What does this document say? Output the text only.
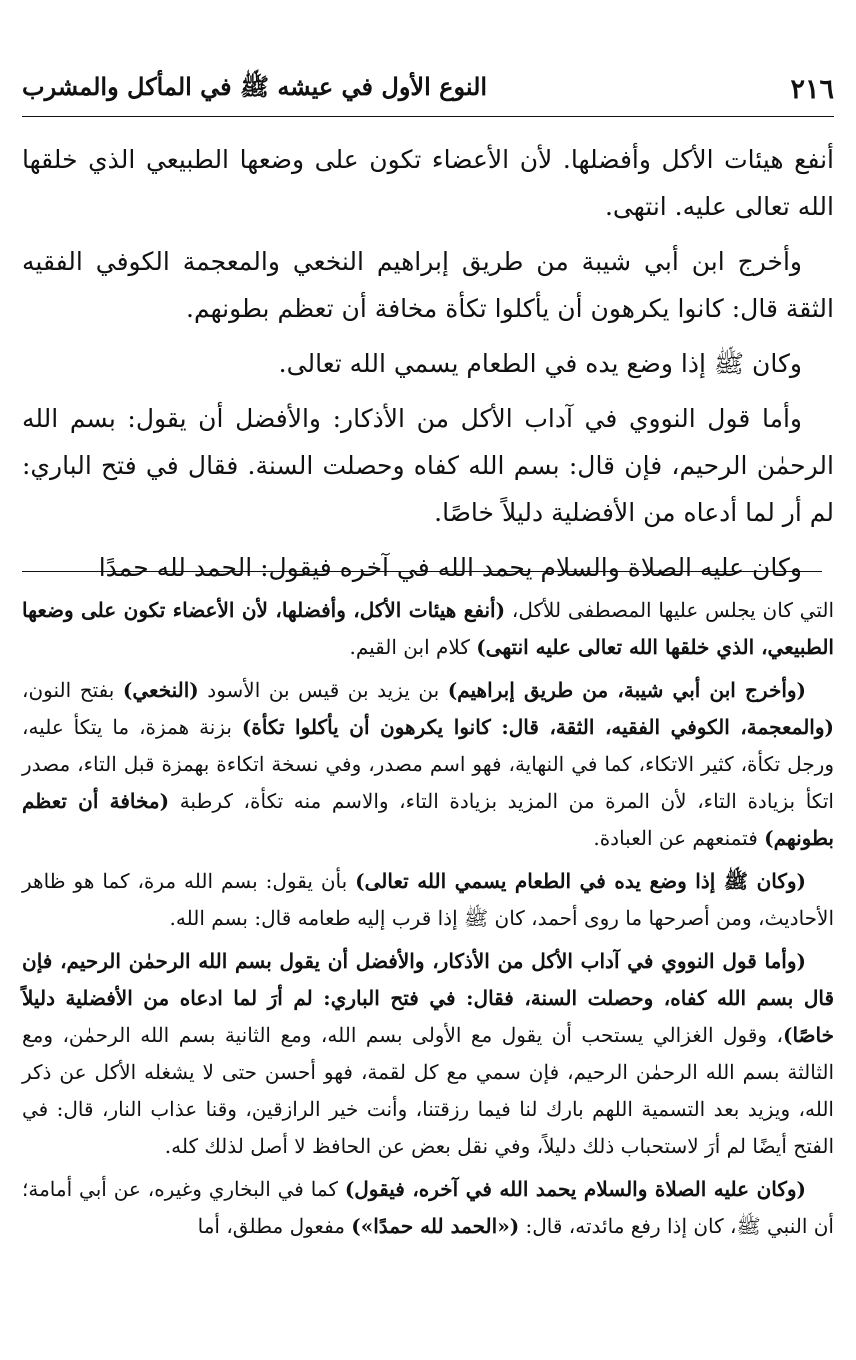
٢١٦
النوع الأول في عيشه ﷺ في المأكل والمشرب

أنفع هيئات الأكل وأفضلها. لأن الأعضاء تكون على وضعها الطبيعي الذي خلقها الله تعالى عليه. انتهى.

وأخرج ابن أبي شيبة من طريق إبراهيم النخعي والمعجمة الكوفي الفقيه الثقة قال: كانوا يكرهون أن يأكلوا تكأة مخافة أن تعظم بطونهم.

وكان ﷺ إذا وضع يده في الطعام يسمي الله تعالى.

وأما قول النووي في آداب الأكل من الأذكار: والأفضل أن يقول: بسم الله الرحمٰن الرحيم، فإن قال: بسم الله كفاه وحصلت السنة. فقال في فتح الباري: لم أر لما أدعاه من الأفضلية دليلاً خاصًا.

وكان عليه الصلاة والسلام يحمد الله في آخره فيقول: الحمد لله حمدًا

التي كان يجلس عليها المصطفى للأكل، (أنفع هيئات الأكل، وأفضلها، لأن الأعضاء تكون على وضعها الطبيعي، الذي خلقها الله تعالى عليه انتهى) كلام ابن القيم.

(وأخرج ابن أبي شيبة، من طريق إبراهيم) بن يزيد بن قيس بن الأسود (النخعي) بفتح النون، (والمعجمة، الكوفي الفقيه، الثقة، قال: كانوا يكرهون أن يأكلوا تكأة) بزنة همزة، ما يتكأ عليه، ورجل تكأة، كثير الاتكاء، كما في النهاية، فهو اسم مصدر، وفي نسخة اتكاءة بهمزة قبل التاء، مصدر اتكأ بزيادة التاء، لأن المرة من المزيد بزيادة التاء، والاسم منه تكأة، كرطبة (مخافة أن تعظم بطونهم) فتمنعهم عن العبادة.

(وكان ﷺ إذا وضع يده في الطعام يسمي الله تعالى) بأن يقول: بسم الله مرة، كما هو ظاهر الأحاديث، ومن أصرحها ما روى أحمد، كان ﷺ إذا قرب إليه طعامه قال: بسم الله.

(وأما قول النووي في آداب الأكل من الأذكار، والأفضل أن يقول بسم الله الرحمٰن الرحيم، فإن قال بسم الله كفاه، وحصلت السنة، فقال: في فتح الباري: لم أرَ لما ادعاه من الأفضلية دليلاً خاصًا)، وقول الغزالي يستحب أن يقول مع الأولى بسم الله، ومع الثانية بسم الله الرحمٰن، ومع الثالثة بسم الله الرحمٰن الرحيم، فإن سمي مع كل لقمة، فهو أحسن حتى لا يشغله الأكل عن ذكر الله، ويزيد بعد التسمية اللهم بارك لنا فيما رزقتنا، وأنت خير الرازقين، وقنا عذاب النار، قال: في الفتح أيضًا لم أرَ لاستحباب ذلك دليلاً، وفي نقل بعض عن الحافظ لا أصل لذلك كله.

(وكان عليه الصلاة والسلام يحمد الله في آخره، فيقول) كما في البخاري وغيره، عن أبي أمامة؛ أن النبي ﷺ، كان إذا رفع مائدته، قال: («الحمد لله حمدًا») مفعول مطلق، أما
